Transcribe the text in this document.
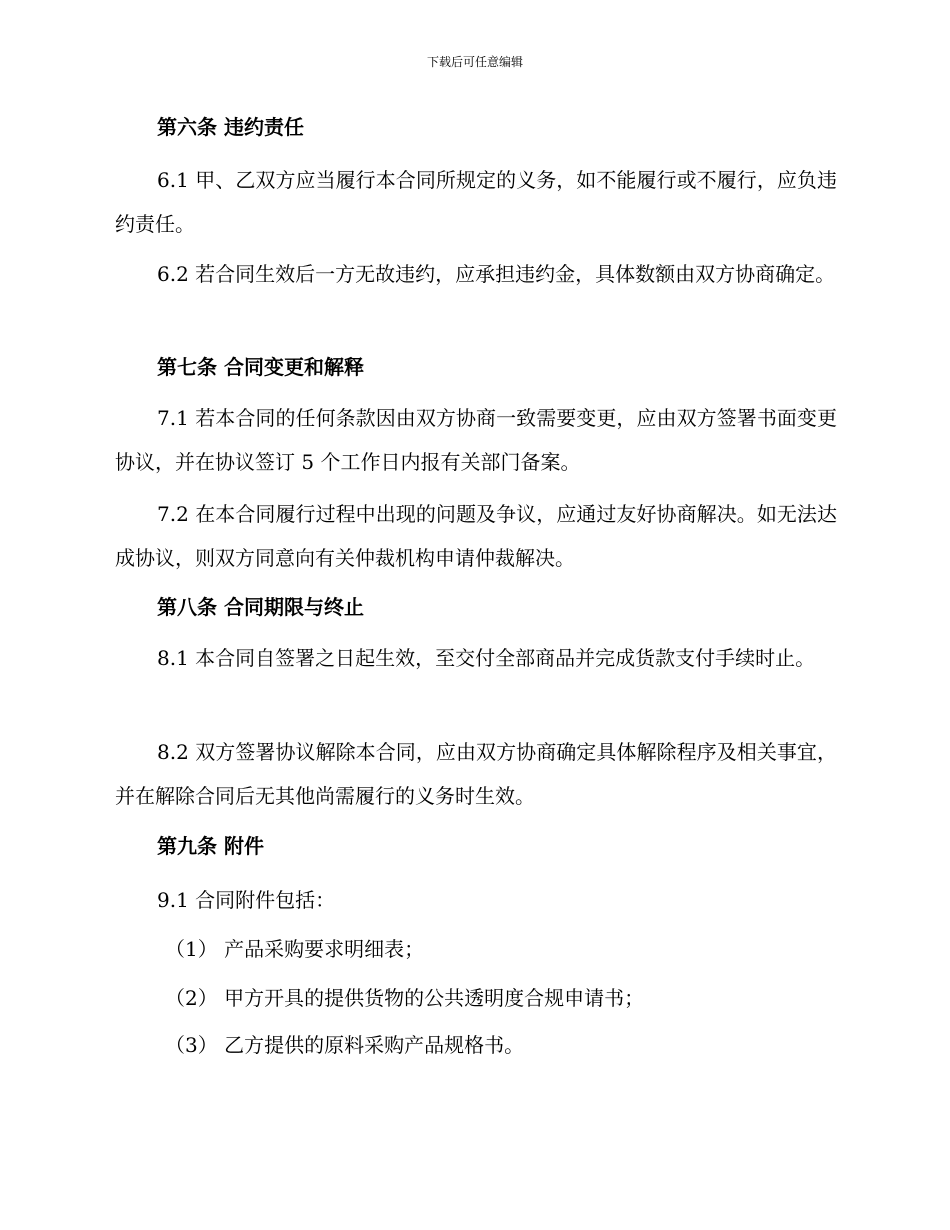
下载后可任意编辑
第六条 违约责任
6.1 甲、乙双方应当履行本合同所规定的义务，如不能履行或不履行，应负违约责任。
6.2 若合同生效后一方无故违约，应承担违约金，具体数额由双方协商确定。
第七条 合同变更和解释
7.1 若本合同的任何条款因由双方协商一致需要变更，应由双方签署书面变更协议，并在协议签订 5 个工作日内报有关部门备案。
7.2 在本合同履行过程中出现的问题及争议，应通过友好协商解决。如无法达成协议，则双方同意向有关仲裁机构申请仲裁解决。
第八条 合同期限与终止
8.1 本合同自签署之日起生效，至交付全部商品并完成货款支付手续时止。
8.2 双方签署协议解除本合同，应由双方协商确定具体解除程序及相关事宜，并在解除合同后无其他尚需履行的义务时生效。
第九条 附件
9.1 合同附件包括：
（1） 产品采购要求明细表；
（2） 甲方开具的提供货物的公共透明度合规申请书；
（3） 乙方提供的原料采购产品规格书。
